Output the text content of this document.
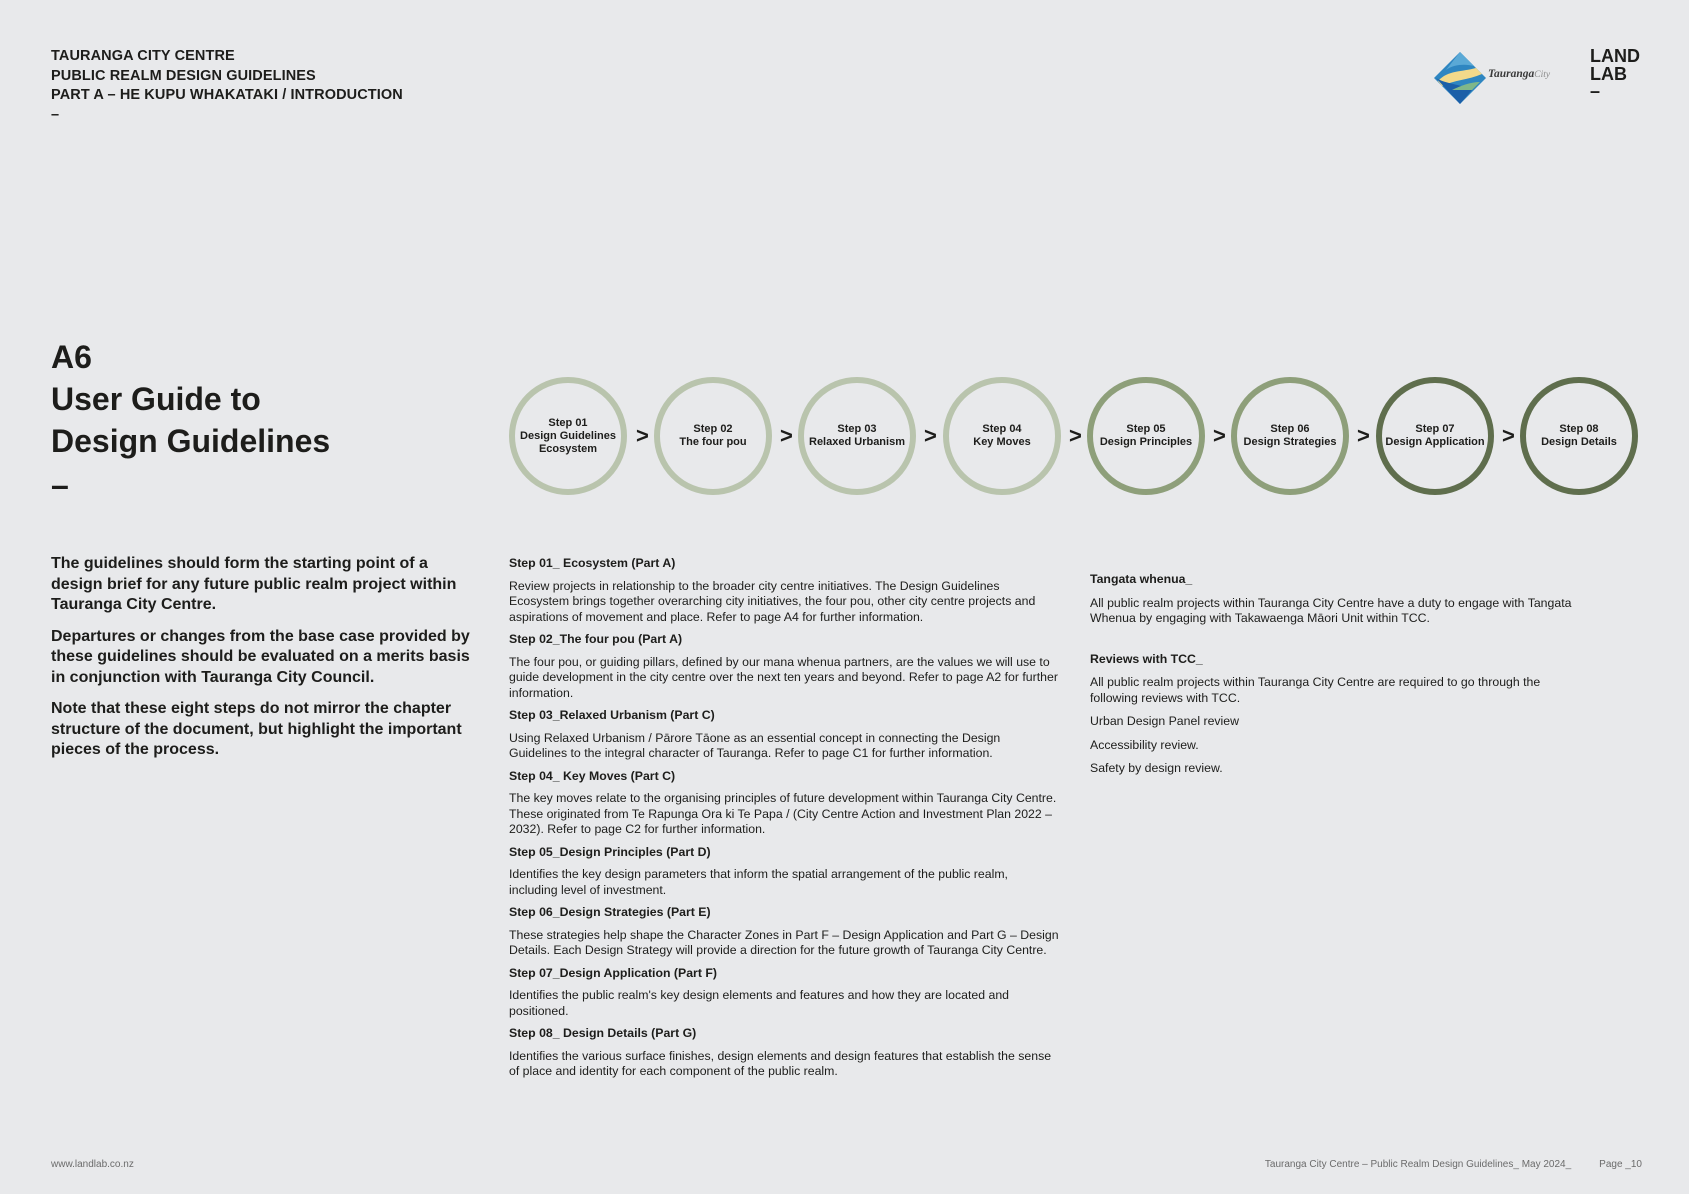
TAURANGA CITY CENTRE
PUBLIC REALM DESIGN GUIDELINES
PART A – HE KUPU WHAKATAKI / INTRODUCTION
–
TaurangaCity
LAND
LAB
–
A6
User Guide to
Design Guidelines
–

The guidelines should form the starting point of a design brief for any future public realm project within Tauranga City Centre.

Departures or changes from the base case provided by these guidelines should be evaluated on a merits basis in conjunction with Tauranga City Council.

Note that these eight steps do not mirror the chapter structure of the document, but highlight the important pieces of the process.

Step 01
Design Guidelines
Ecosystem
>	Step 02
The four pou >	Step 03
Relaxed Urbanism >	Step 04
Key Moves >	Step 05
Design Principles >	Step 06
Design Strategies >	Step 07
Design Application >	Step 08
Design Details
Step 01_ Ecosystem (Part A)

Review projects in relationship to the broader city centre initiatives. The Design Guidelines Ecosystem brings together overarching city initiatives, the four pou, other city centre projects and aspirations of movement and place. Refer to page A4 for further information.

Step 02_The four pou (Part A)

The four pou, or guiding pillars, defined by our mana whenua partners, are the values we will use to guide development in the city centre over the next ten years and beyond. Refer to page A2 for further information.

Step 03_Relaxed Urbanism (Part C)

Using Relaxed Urbanism / Pārore Tāone as an essential concept in connecting the Design Guidelines to the integral character of Tauranga. Refer to page C1 for further information.

Step 04_ Key Moves (Part C)

The key moves relate to the organising principles of future development within Tauranga City Centre. These originated from Te Rapunga Ora ki Te Papa / (City Centre Action and Investment Plan 2022 – 2032). Refer to page C2 for further information.

Step 05_Design Principles (Part D)

Identifies the key design parameters that inform the spatial arrangement of the public realm, including level of investment.

Step 06_Design Strategies (Part E)

These strategies help shape the Character Zones in Part F – Design Application and Part G – Design Details. Each Design Strategy will provide a direction for the future growth of Tauranga City Centre.

Step 07_Design Application (Part F)

Identifies the public realm's key design elements and features and how they are located and positioned.

Step 08_ Design Details (Part G)

Identifies the various surface finishes, design elements and design features that establish the sense of place and identity for each component of the public realm.

Tangata whenua_

All public realm projects within Tauranga City Centre have a duty to engage with Tangata Whenua by engaging with Takawaenga Māori Unit within TCC.

Reviews with TCC_

All public realm projects within Tauranga City Centre are required to go through the following reviews with TCC.

Urban Design Panel review

Accessibility review.

Safety by design review.

www.landlab.co.nz	Tauranga City Centre – Public Realm Design Guidelines_ May 2024_	Page _10
